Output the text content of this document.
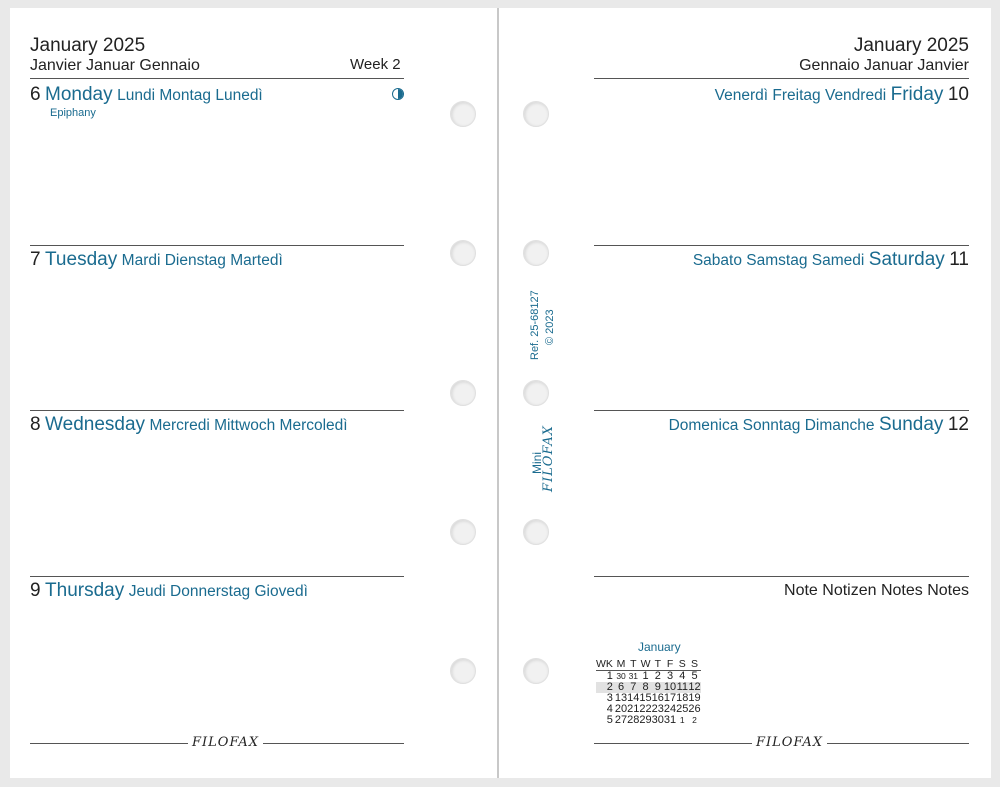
January 2025
Janvier Januar Gennaio	Week 2
6 Monday Lundi Montag Lunedì
Epiphany
7 Tuesday Mardi Dienstag Martedì
8 Wednesday Mercredi Mittwoch Mercoledì
9 Thursday Jeudi Donnerstag Giovedì
FILOFAX
January 2025
Gennaio Januar Janvier
Venerdì Freitag Vendredi Friday 10
Sabato Samstag Samedi Saturday 11
Domenica Sonntag Dimanche Sunday 12
Note Notizen Notes Notes
January
WK	M	T	W	T	F	S	S
1	30	31	1	2	3	4	5
2	6	7	8	9	10	11	12
3	13	14	15	16	17	18	19
4	20	21	22	23	24	25	26
5	27	28	29	30	31	1	2
FILOFAX
Ref. 25-68127 © 2023
Mini
FILOFAX
